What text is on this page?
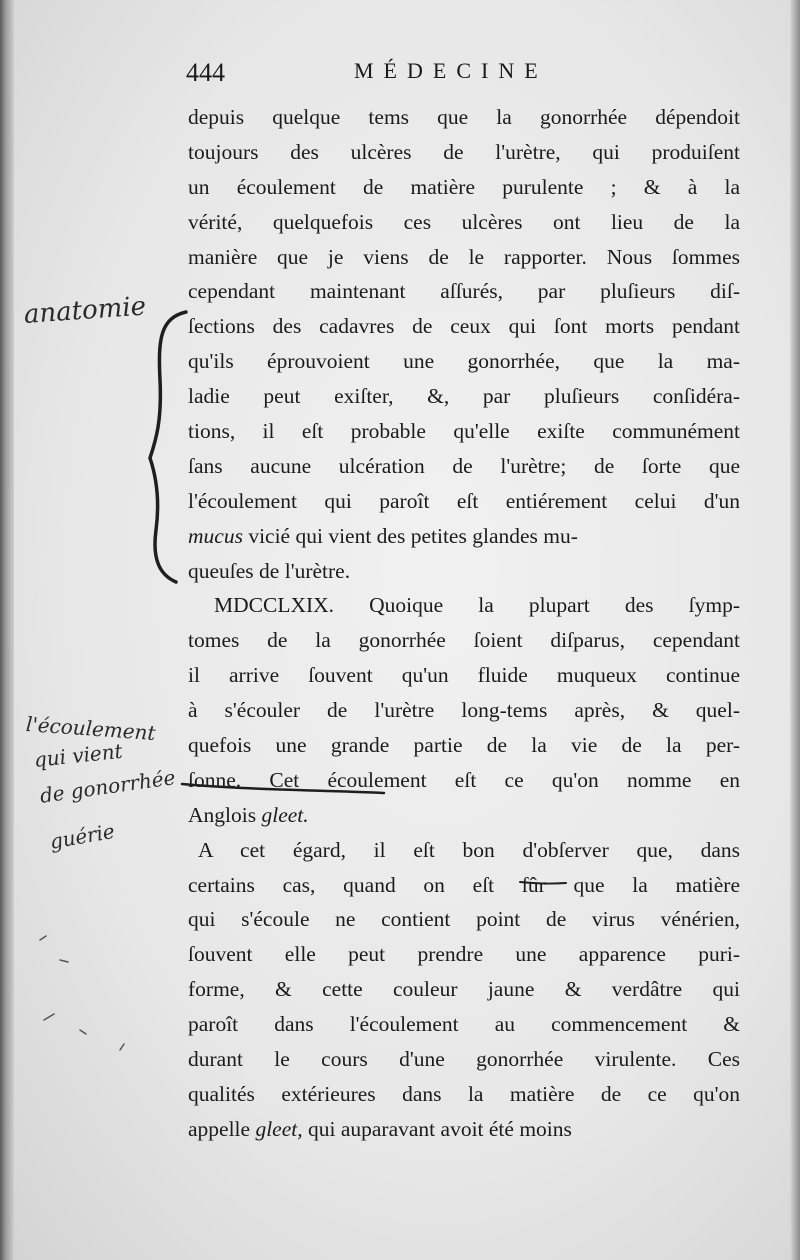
444	MÉDECINE
depuis quelque tems que la gonorrhée dépendoit
toujours des ulcères de l'urètre, qui produiſent
un écoulement de matière purulente ; & à la
vérité, quelquefois ces ulcères ont lieu de la
manière que je viens de le rapporter. Nous ſommes
cependant maintenant aſſurés, par pluſieurs diſ-
ſections des cadavres de ceux qui ſont morts pendant
qu'ils éprouvoient une gonorrhée, que la ma-
ladie peut exiſter, &, par pluſieurs conſidéra-
tions, il eſt probable qu'elle exiſte communément
ſans aucune ulcération de l'urètre; de ſorte que
l'écoulement qui paroît eſt entiérement celui d'un
mucus vicié qui vient des petites glandes mu-
queuſes de l'urètre.
MDCCLXIX. Quoique la plupart des ſymp-
tomes de la gonorrhée ſoient diſparus, cependant
il arrive ſouvent qu'un fluide muqueux continue
à s'écouler de l'urètre long-tems après, & quel-
quefois une grande partie de la vie de la per-
ſonne. Cet écoulement eſt ce qu'on nomme en
Anglois gleet.
A cet égard, il eſt bon d'obſerver que, dans
certains cas, quand on eſt ſûr que la matière
qui s'écoule ne contient point de virus vénérien,
ſouvent elle peut prendre une apparence puri-
forme, & cette couleur jaune & verdâtre qui
paroît dans l'écoulement au commencement &
durant le cours d'une gonorrhée virulente. Ces
qualités extérieures dans la matière de ce qu'on
appelle gleet, qui auparavant avoit été moins
anatomie
l'écoulement
qui vient
de gonorrhée
guérie
